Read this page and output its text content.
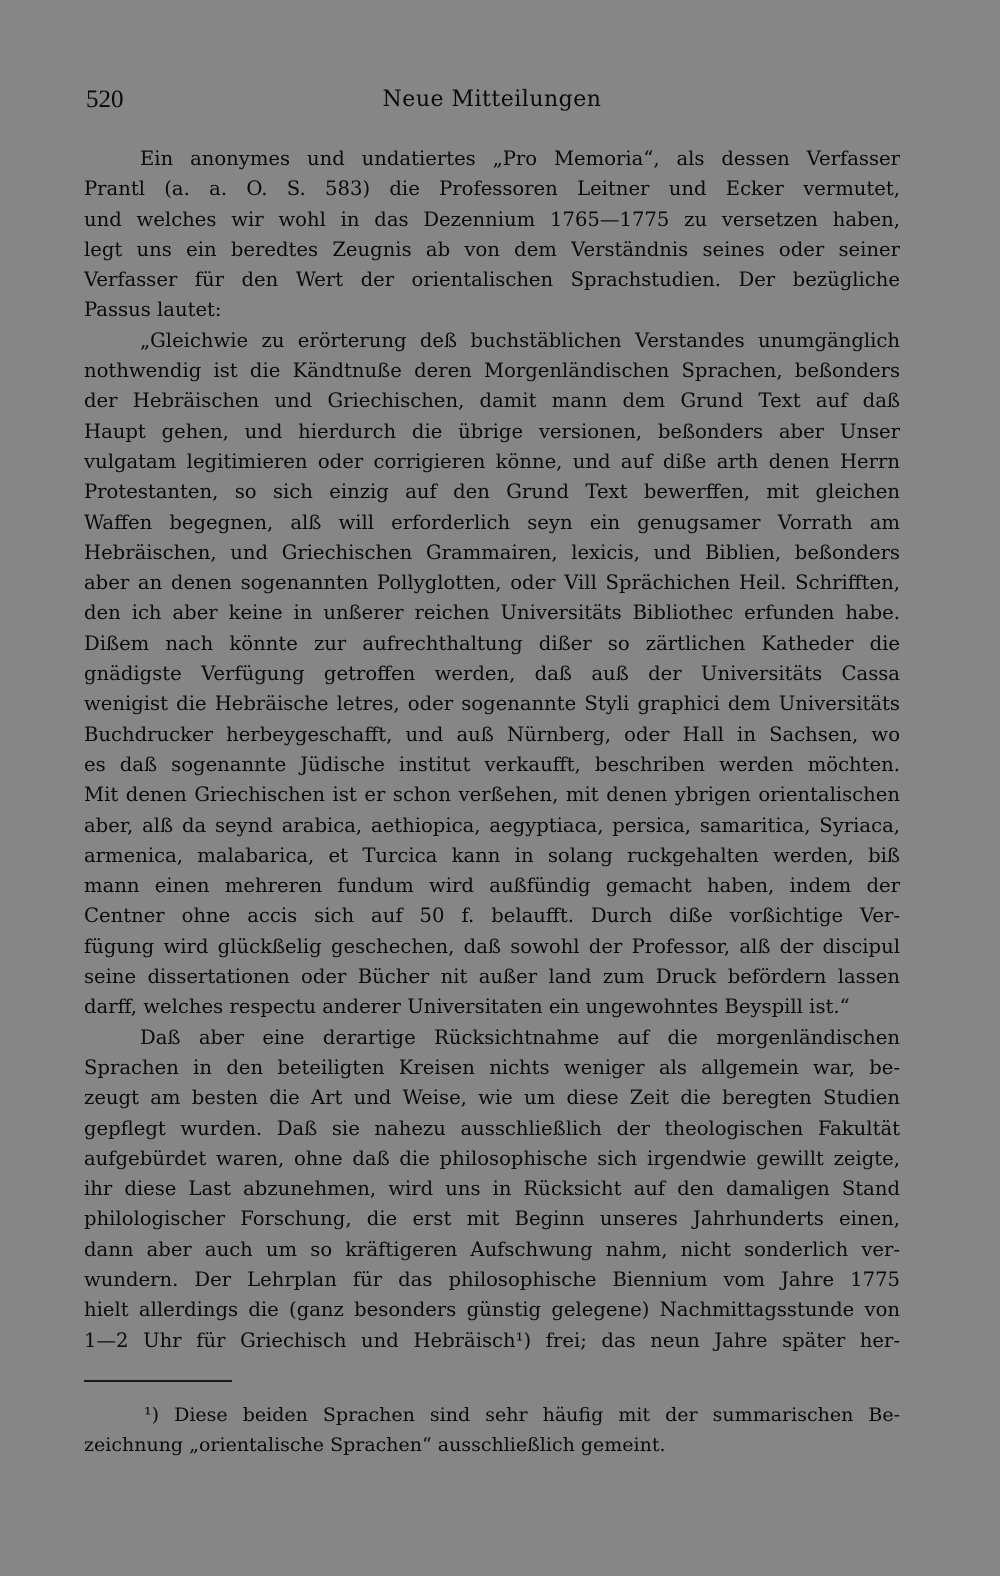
520	Neue Mitteilungen

Ein anonymes und undatiertes „Pro Memoria“, als dessen Verfasser
Prantl (a. a. O. S. 583) die Professoren Leitner und Ecker vermutet,
und welches wir wohl in das Dezennium 1765—1775 zu versetzen haben,
legt uns ein beredtes Zeugnis ab von dem Verständnis seines oder seiner
Verfasser für den Wert der orientalischen Sprachstudien. Der bezügliche
Passus lautet:

„Gleichwie zu erörterung deß buchstäblichen Verstandes unumgänglich
nothwendig ist die Kändtnuße deren Morgenländischen Sprachen, beßonders
der Hebräischen und Griechischen, damit mann dem Grund Text auf daß
Haupt gehen, und hierdurch die übrige versionen, beßonders aber Unser
vulgatam legitimieren oder corrigieren könne, und auf diße arth denen Herrn
Protestanten, so sich einzig auf den Grund Text bewerffen, mit gleichen
Waffen begegnen, alß will erforderlich seyn ein genugsamer Vorrath am
Hebräischen, und Griechischen Grammairen, lexicis, und Biblien, beßonders
aber an denen sogenannten Pollyglotten, oder Vill Sprächichen Heil. Schrifften,
den ich aber keine in unßerer reichen Universitäts Bibliothec erfunden habe.
Dißem nach könnte zur aufrechthaltung dißer so zärtlichen Katheder die
gnädigste Verfügung getroffen werden, daß auß der Universitäts Cassa
wenigist die Hebräische letres, oder sogenannte Styli graphici dem Universitäts
Buchdrucker herbeygeschafft, und auß Nürnberg, oder Hall in Sachsen, wo
es daß sogenannte Jüdische institut verkaufft, beschriben werden möchten.
Mit denen Griechischen ist er schon verßehen, mit denen ybrigen orientalischen
aber, alß da seynd arabica, aethiopica, aegyptiaca, persica, samaritica, Syriaca,
armenica, malabarica, et Turcica kann in solang ruckgehalten werden, biß
mann einen mehreren fundum wird außfündig gemacht haben, indem der
Centner ohne accis sich auf 50 f. belaufft. Durch diße vorßichtige Ver-
fügung wird glückßelig geschechen, daß sowohl der Professor, alß der discipul
seine dissertationen oder Bücher nit außer land zum Druck befördern lassen
darff, welches respectu anderer Universitaten ein ungewohntes Beyspill ist.“

Daß aber eine derartige Rücksichtnahme auf die morgenländischen
Sprachen in den beteiligten Kreisen nichts weniger als allgemein war, be-
zeugt am besten die Art und Weise, wie um diese Zeit die beregten Studien
gepflegt wurden. Daß sie nahezu ausschließlich der theologischen Fakultät
aufgebürdet waren, ohne daß die philosophische sich irgendwie gewillt zeigte,
ihr diese Last abzunehmen, wird uns in Rücksicht auf den damaligen Stand
philologischer Forschung, die erst mit Beginn unseres Jahrhunderts einen,
dann aber auch um so kräftigeren Aufschwung nahm, nicht sonderlich ver-
wundern. Der Lehrplan für das philosophische Biennium vom Jahre 1775
hielt allerdings die (ganz besonders günstig gelegene) Nachmittagsstunde von
1—2 Uhr für Griechisch und Hebräisch¹) frei; das neun Jahre später her-

¹) Diese beiden Sprachen sind sehr häufig mit der summarischen Be-
zeichnung „orientalische Sprachen“ ausschließlich gemeint.
